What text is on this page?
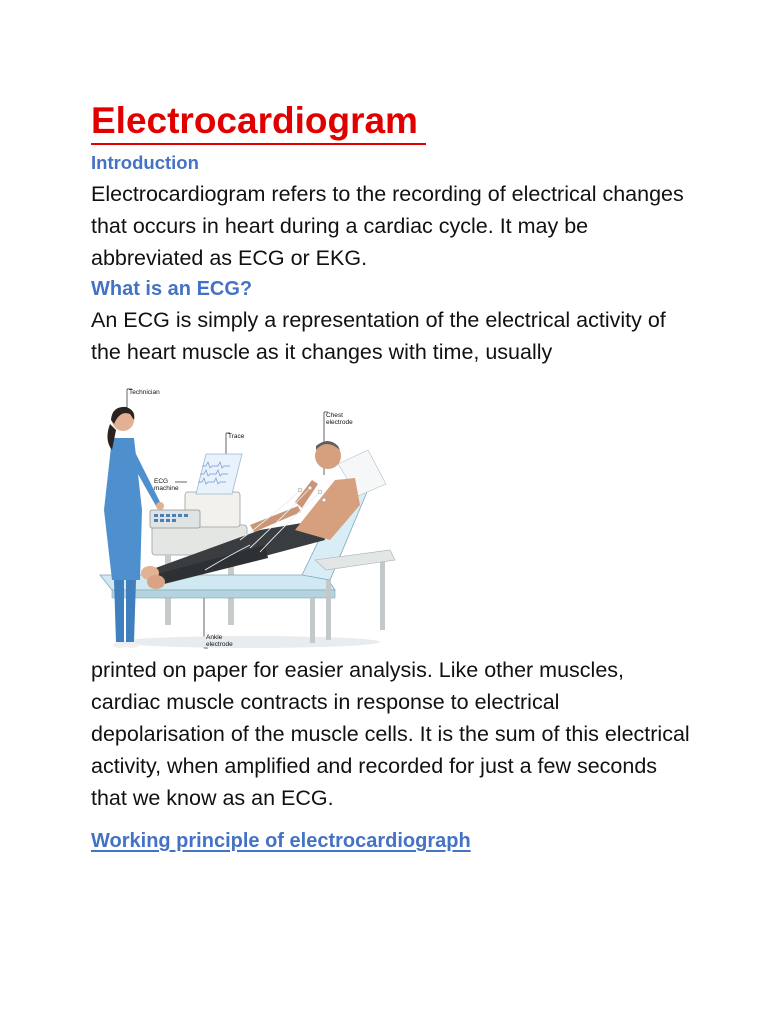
Electrocardiogram
Introduction

Electrocardiogram refers to the recording of electrical changes that occurs in heart during a cardiac cycle. It may be abbreviated as ECG or EKG.

What is an ECG?

An ECG is simply a representation of the electrical activity of the heart muscle as it changes with time, usually

Technician
Chest
electrode
Trace
ECG
machine
Ankle
electrode

printed on paper for easier analysis. Like other muscles, cardiac muscle contracts in response to electrical depolarisation of the muscle cells. It is the sum of this electrical activity, when amplified and recorded for just a few seconds that we know as an ECG.

Working principle of electrocardiograph
